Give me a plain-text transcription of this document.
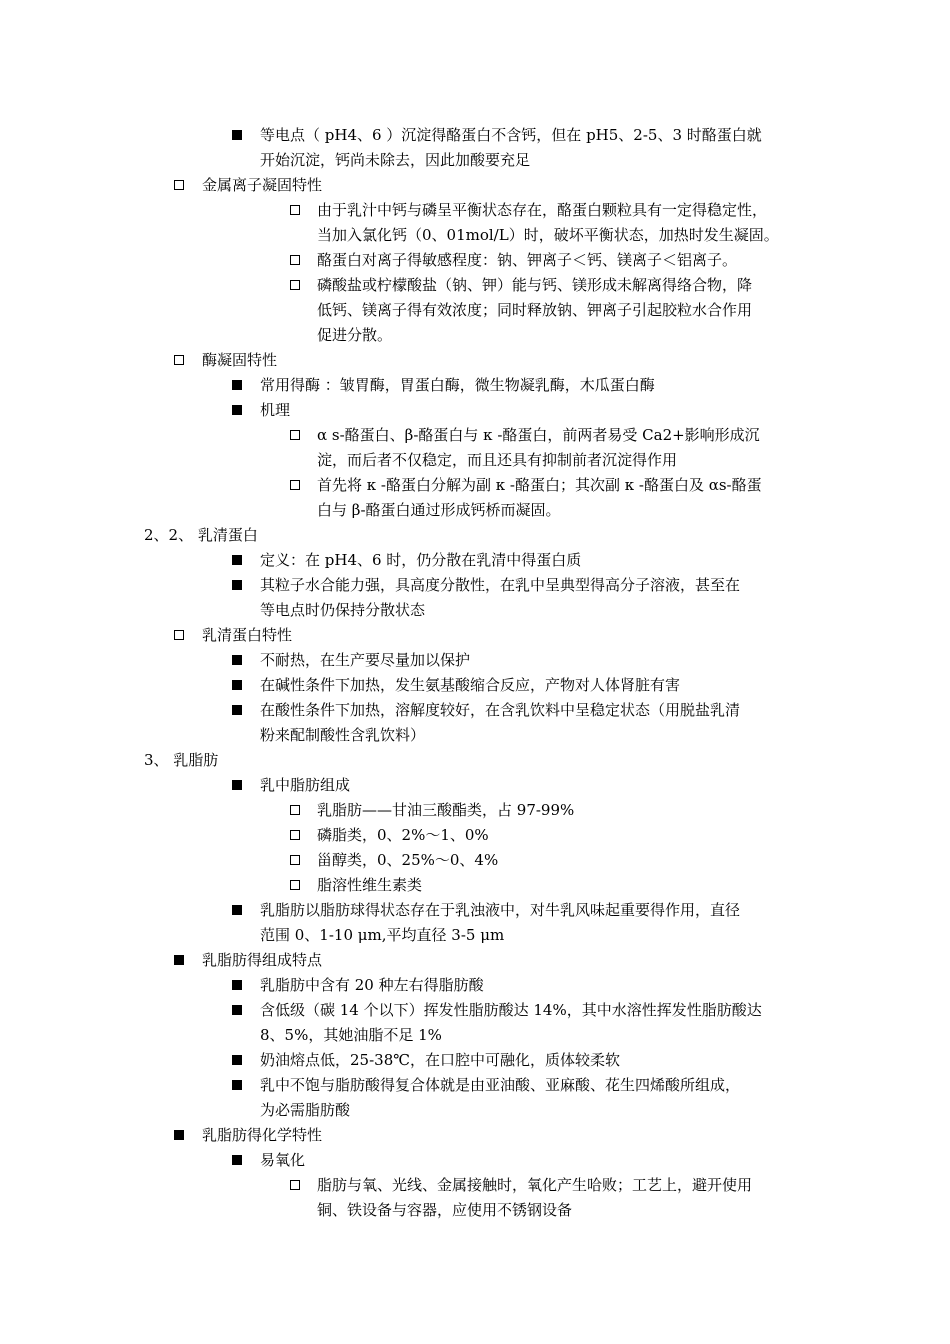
等电点（ pH4、6 ）沉淀得酪蛋白不含钙，但在 pH5、2-5、3 时酪蛋白就
开始沉淀，钙尚未除去，因此加酸要充足
金属离子凝固特性
由于乳汁中钙与磷呈平衡状态存在，酪蛋白颗粒具有一定得稳定性，
当加入氯化钙（0、01mol/L）时，破坏平衡状态，加热时发生凝固。
酪蛋白对离子得敏感程度：钠、钾离子＜钙、镁离子＜铝离子。
磷酸盐或柠檬酸盐（钠、钾）能与钙、镁形成未解离得络合物，降
低钙、镁离子得有效浓度；同时释放钠、钾离子引起胶粒水合作用
促进分散。
酶凝固特性
常用得酶 ：皱胃酶，胃蛋白酶，微生物凝乳酶，木瓜蛋白酶
机理
α s-酪蛋白、β-酪蛋白与 κ -酪蛋白，前两者易受 Ca2+影响形成沉
淀，而后者不仅稳定，而且还具有抑制前者沉淀得作用
首先将 κ -酪蛋白分解为副 κ -酪蛋白；其次副 κ -酪蛋白及 αs-酪蛋
白与 β-酪蛋白通过形成钙桥而凝固。
2、2、 乳清蛋白
定义：在 pH4、6 时，仍分散在乳清中得蛋白质
其粒子水合能力强，具高度分散性，在乳中呈典型得高分子溶液，甚至在
等电点时仍保持分散状态
乳清蛋白特性
不耐热，在生产要尽量加以保护
在碱性条件下加热，发生氨基酸缩合反应，产物对人体肾脏有害
在酸性条件下加热，溶解度较好，在含乳饮料中呈稳定状态（用脱盐乳清
粉来配制酸性含乳饮料）
3、 乳脂肪
乳中脂肪组成
乳脂肪——甘油三酸酯类，占 97-99%
磷脂类，0、2%～1、0%
甾醇类，0、25%～0、4%
脂溶性维生素类
乳脂肪以脂肪球得状态存在于乳浊液中，对牛乳风味起重要得作用，直径
范围 0、1-10 μm,平均直径 3-5 μm
乳脂肪得组成特点
乳脂肪中含有 20 种左右得脂肪酸
含低级（碳 14 个以下）挥发性脂肪酸达 14%，其中水溶性挥发性脂肪酸达
8、5%，其她油脂不足 1%
奶油熔点低，25-38℃，在口腔中可融化，质体较柔软
乳中不饱与脂肪酸得复合体就是由亚油酸、亚麻酸、花生四烯酸所组成，
为必需脂肪酸
乳脂肪得化学特性
易氧化
脂肪与氧、光线、金属接触时，氧化产生哈败；工艺上，避开使用
铜、铁设备与容器，应使用不锈钢设备
